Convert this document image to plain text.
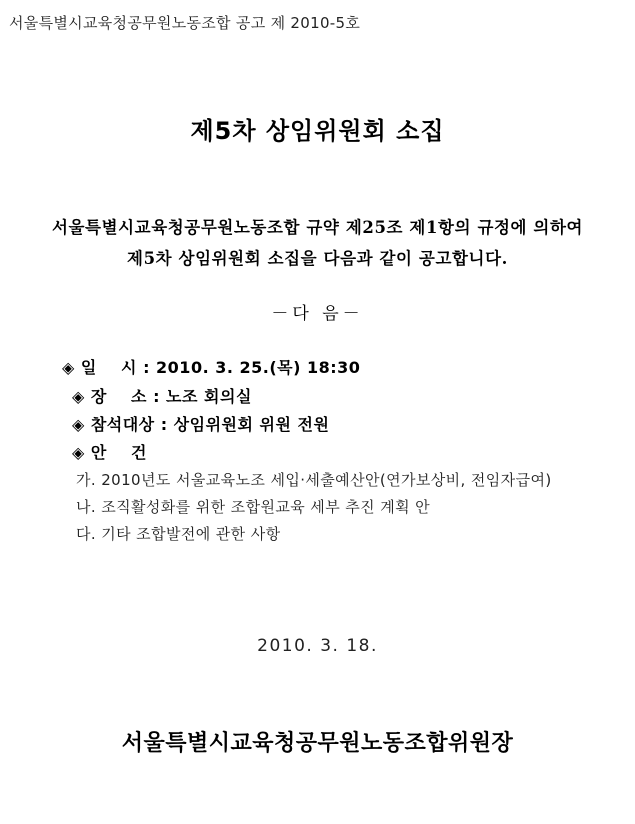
서울특별시교육청공무원노동조합 공고 제 2010-5호
제5차 상임위원회 소집
서울특별시교육청공무원노동조합 규약 제25조 제1항의 규정에 의하여
제5차 상임위원회 소집을 다음과 같이 공고합니다.
－다 음－
◈ 일    시 : 2010. 3. 25.(목) 18:30
◈ 장    소 : 노조 회의실
◈ 참석대상 : 상임위원회 위원 전원
◈ 안    건
가. 2010년도 서울교육노조 세입·세출예산안(연가보상비, 전임자급여)
나. 조직활성화를 위한 조합원교육 세부 추진 계획 안
다. 기타 조합발전에 관한 사항
2010. 3. 18.
서울특별시교육청공무원노동조합위원장
